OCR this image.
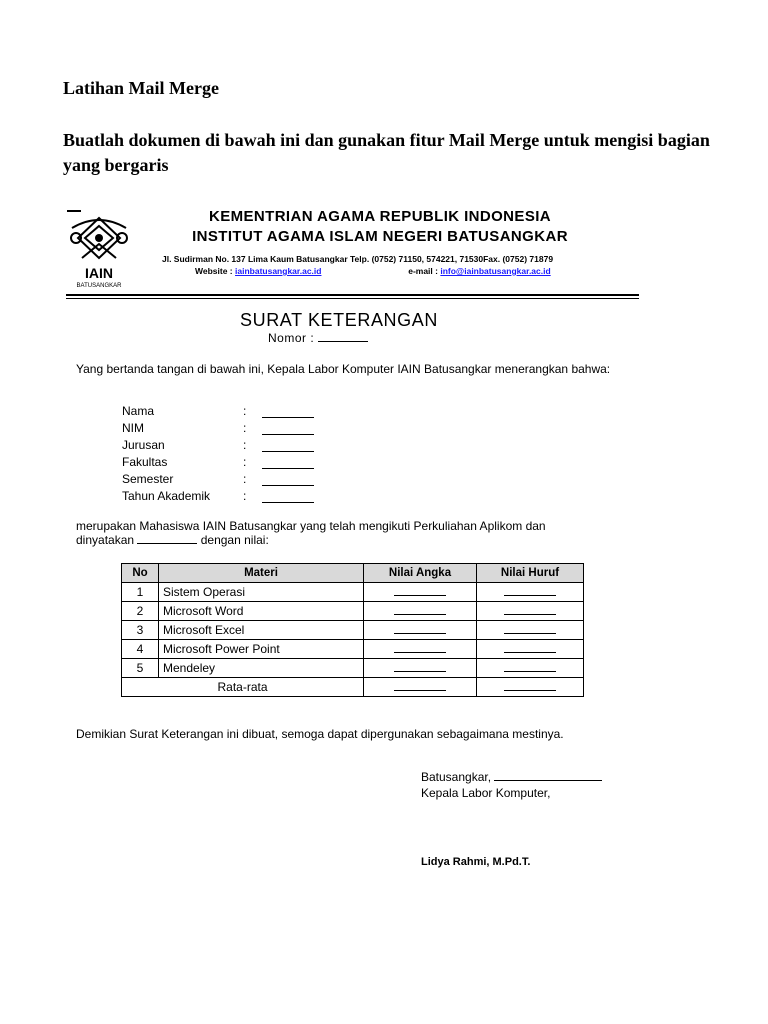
Latihan Mail Merge
Buatlah dokumen di bawah ini dan gunakan fitur Mail Merge untuk mengisi bagian yang bergaris
IAIN
BATUSANGKAR
KEMENTRIAN AGAMA REPUBLIK INDONESIA
INSTITUT AGAMA ISLAM NEGERI BATUSANGKAR
Jl. Sudirman No. 137 Lima Kaum Batusangkar Telp. (0752) 71150, 574221, 71530Fax. (0752) 71879
Website : iainbatusangkar.ac.id	e-mail : info@iainbatusangkar.ac.id
SURAT KETERANGAN
Nomor :
Yang bertanda tangan di bawah ini, Kepala Labor Komputer IAIN Batusangkar menerangkan bahwa:
Nama	:
NIM	:
Jurusan	:
Fakultas	:
Semester	:
Tahun Akademik	:
merupakan Mahasiswa IAIN Batusangkar yang telah mengikuti Perkuliahan Aplikom dan
dinyatakan	dengan nilai:
No	Materi	Nilai Angka	Nilai Huruf
1	Sistem Operasi		
2	Microsoft Word		
3	Microsoft Excel		
4	Microsoft Power Point		
5	Mendeley		
Rata-rata			
Demikian Surat Keterangan ini dibuat, semoga dapat dipergunakan sebagaimana mestinya.
Batusangkar,
Kepala Labor Komputer,
Lidya Rahmi, M.Pd.T.
